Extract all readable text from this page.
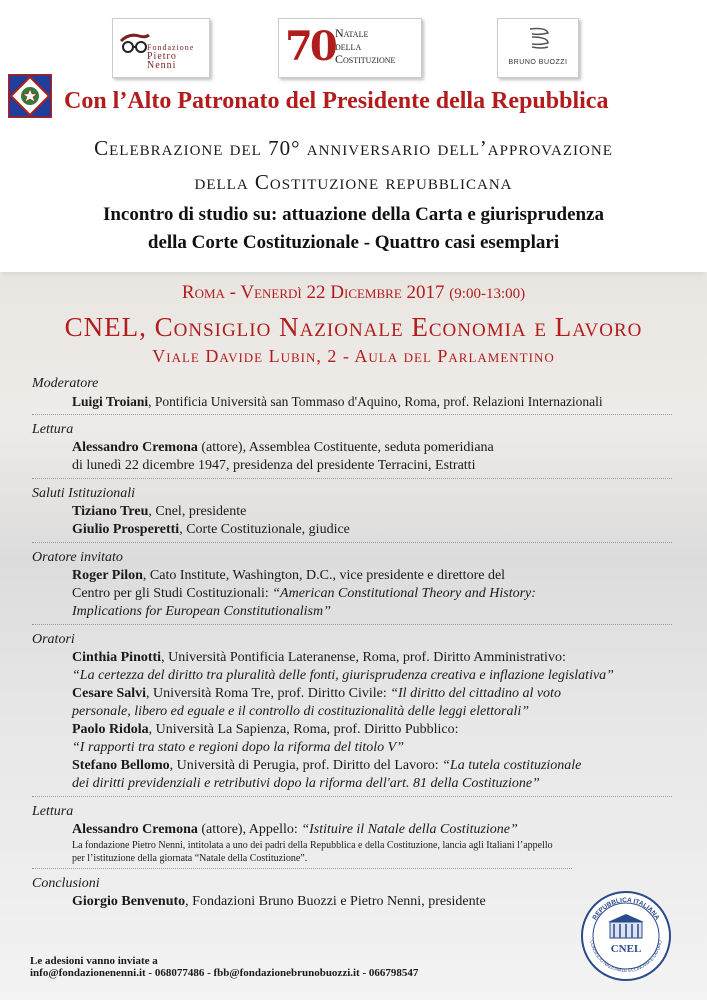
Fondazione
Pietro Nenni	70 Natale
della
Costituzione	BRUNO BUOZZI
Con l’Alto Patronato del Presidente della Repubblica
Celebrazione del 70° anniversario dell’approvazione
della Costituzione repubblicana
Incontro di studio su: attuazione della Carta e giurisprudenza
della Corte Costituzionale - Quattro casi esemplari
Roma - Venerdì 22 Dicembre 2017 (9:00-13:00)
CNEL, Consiglio Nazionale Economia e Lavoro
Viale Davide Lubin, 2 - Aula del Parlamentino
Moderatore
Luigi Troiani, Pontificia Università san Tommaso d'Aquino, Roma, prof. Relazioni Internazionali
Lettura
Alessandro Cremona (attore), Assemblea Costituente, seduta pomeridiana
di lunedì 22 dicembre 1947, presidenza del presidente Terracini, Estratti
Saluti Istituzionali
Tiziano Treu, Cnel, presidente
Giulio Prosperetti, Corte Costituzionale, giudice
Oratore invitato
Roger Pilon, Cato Institute, Washington, D.C., vice presidente e direttore del
Centro per gli Studi Costituzionali: “American Constitutional Theory and History:
Implications for European Constitutionalism”
Oratori
Cinthia Pinotti, Università Pontificia Lateranense, Roma, prof. Diritto Amministrativo:
“La certezza del diritto tra pluralità delle fonti, giurisprudenza creativa e inflazione legislativa”
Cesare Salvi, Università Roma Tre, prof. Diritto Civile: “Il diritto del cittadino al voto
personale, libero ed eguale e il controllo di costituzionalità delle leggi elettorali”
Paolo Ridola, Università La Sapienza, Roma, prof. Diritto Pubblico:
“I rapporti tra stato e regioni dopo la riforma del titolo V”
Stefano Bellomo, Università di Perugia, prof. Diritto del Lavoro: “La tutela costituzionale
dei diritti previdenziali e retributivi dopo la riforma dell'art. 81 della Costituzione”
Lettura
Alessandro Cremona (attore), Appello: “Istituire il Natale della Costituzione”
La fondazione Pietro Nenni, intitolata a uno dei padri della Repubblica e della Costituzione, lancia agli Italiani l’appello
per l’istituzione della giornata “Natale della Costituzione”.
Conclusioni
Giorgio Benvenuto, Fondazioni Bruno Buozzi e Pietro Nenni, presidente
REPUBBLICA ITALIANA
CONSIGLIO NAZIONALE ECONOMIA E LAVORO
CNEL
Le adesioni vanno inviate a
info@fondazionenenni.it - 068077486 - fbb@fondazionebrunobuozzi.it - 066798547
